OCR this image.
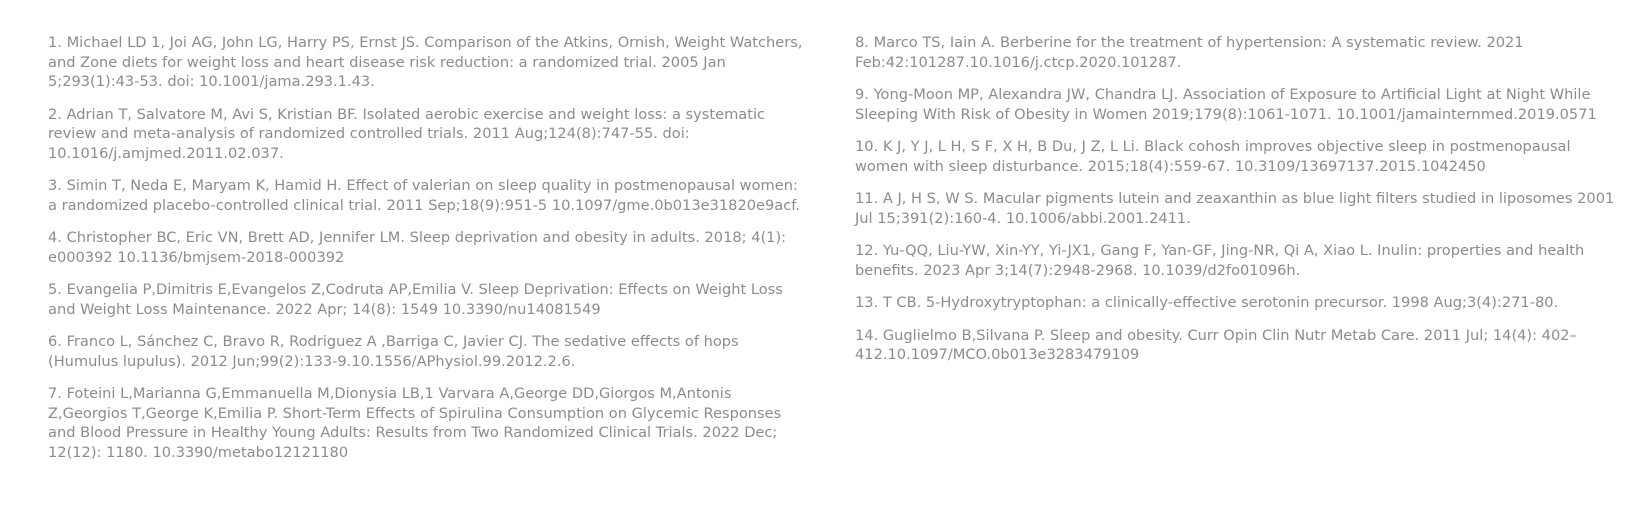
1. Michael LD 1, Joi AG, John LG, Harry PS, Ernst JS. Comparison of the Atkins, Ornish, Weight Watchers, and Zone diets for weight loss and heart disease risk reduction: a randomized trial. 2005 Jan 5;293(1):43-53. doi: 10.1001/jama.293.1.43.

2. Adrian T, Salvatore M, Avi S, Kristian BF. Isolated aerobic exercise and weight loss: a systematic review and meta-analysis of randomized controlled trials. 2011 Aug;124(8):747-55. doi: 10.1016/j.amjmed.2011.02.037.

3. Simin T, Neda E, Maryam K, Hamid H. Effect of valerian on sleep quality in postmenopausal women: a randomized placebo-controlled clinical trial. 2011 Sep;18(9):951-5 10.1097/gme.0b013e31820e9acf.

4. Christopher BC, Eric VN, Brett AD, Jennifer LM. Sleep deprivation and obesity in adults. 2018; 4(1): e000392 10.1136/bmjsem-2018-000392

5. Evangelia P,Dimitris E,Evangelos Z,Codruta AP,Emilia V. Sleep Deprivation: Effects on Weight Loss and Weight Loss Maintenance. 2022 Apr; 14(8): 1549 10.3390/nu14081549

6. Franco L, Sánchez C, Bravo R, Rodriguez A ,Barriga C, Javier CJ. The sedative effects of hops (Humulus lupulus). 2012 Jun;99(2):133-9.10.1556/APhysiol.99.2012.2.6.

7. Foteini L,Marianna G,Emmanuella M,Dionysia LB,1 Varvara A,George DD,Giorgos M,Antonis Z,Georgios T,George K,Emilia P. Short-Term Effects of Spirulina Consumption on Glycemic Responses and Blood Pressure in Healthy Young Adults: Results from Two Randomized Clinical Trials. 2022 Dec; 12(12): 1180. 10.3390/metabo12121180

8. Marco TS, Iain A. Berberine for the treatment of hypertension: A systematic review. 2021 Feb:42:101287.10.1016/j.ctcp.2020.101287.

9. Yong-Moon MP, Alexandra JW, Chandra LJ. Association of Exposure to Artificial Light at Night While Sleeping With Risk of Obesity in Women 2019;179(8):1061-1071. 10.1001/jamainternmed.2019.0571

10. K J, Y J, L H, S F, X H, B Du, J Z, L Li. Black cohosh improves objective sleep in postmenopausal women with sleep disturbance. 2015;18(4):559-67. 10.3109/13697137.2015.1042450

11. A J, H S, W S. Macular pigments lutein and zeaxanthin as blue light filters studied in liposomes 2001 Jul 15;391(2):160-4. 10.1006/abbi.2001.2411.

12. Yu-QQ, Liu-YW, Xin-YY, Yi-JX1, Gang F, Yan-GF, Jing-NR, Qi A, Xiao L. Inulin: properties and health benefits. 2023 Apr 3;14(7):2948-2968. 10.1039/d2fo01096h.

13. T CB. 5-Hydroxytryptophan: a clinically-effective serotonin precursor. 1998 Aug;3(4):271-80.

14. Guglielmo B,Silvana P. Sleep and obesity. Curr Opin Clin Nutr Metab Care. 2011 Jul; 14(4): 402–412.10.1097/MCO.0b013e3283479109
